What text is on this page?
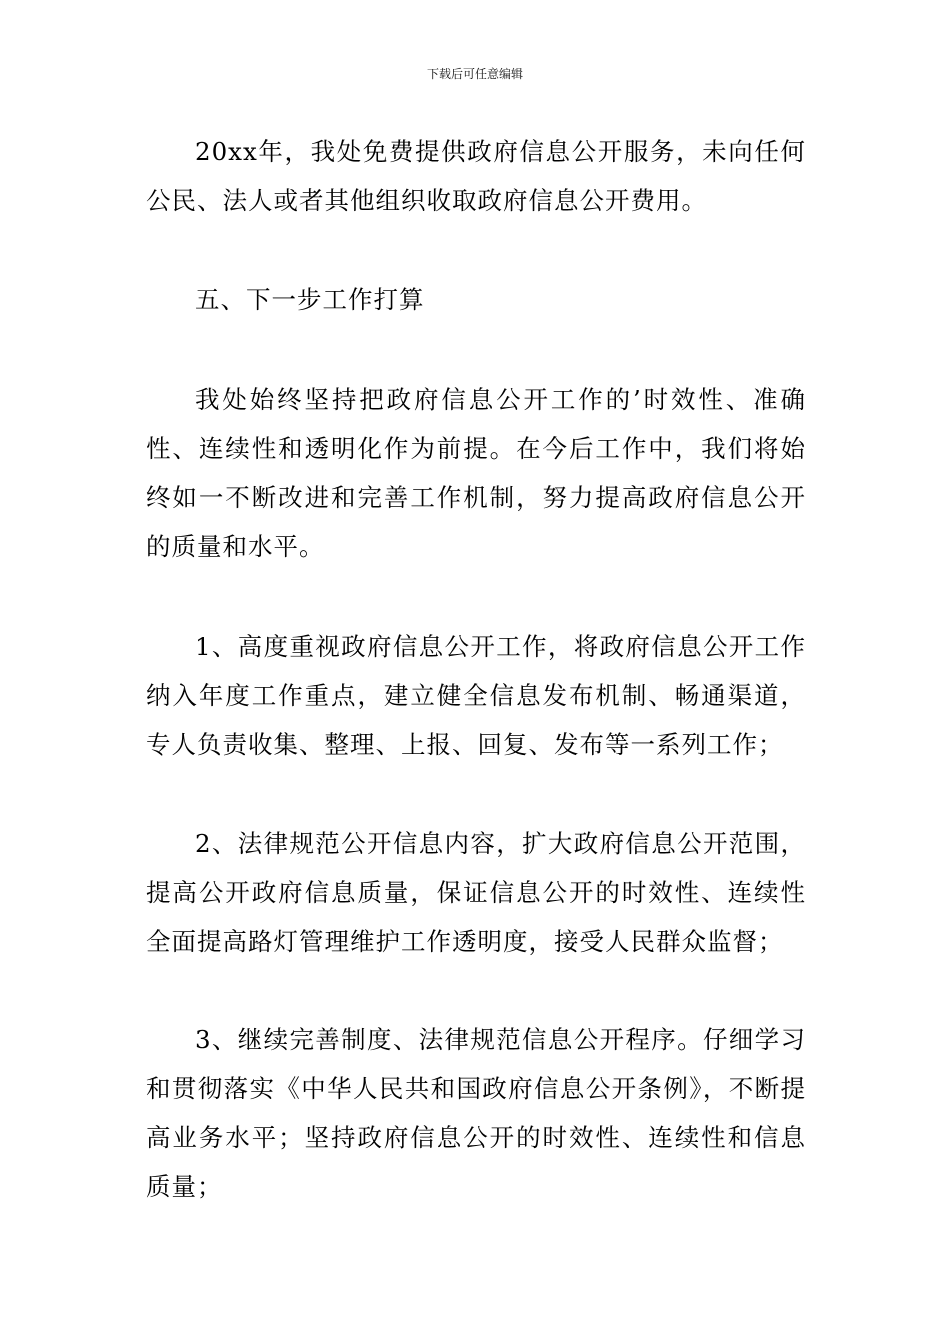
下载后可任意编辑

20xx年，我处免费提供政府信息公开服务，未向任何公民、法人或者其他组织收取政府信息公开费用。

五、下一步工作打算

我处始终坚持把政府信息公开工作的’时效性、准确性、连续性和透明化作为前提。在今后工作中，我们将始终如一不断改进和完善工作机制，努力提高政府信息公开的质量和水平。

1、高度重视政府信息公开工作，将政府信息公开工作纳入年度工作重点，建立健全信息发布机制、畅通渠道，专人负责收集、整理、上报、回复、发布等一系列工作；

2、法律规范公开信息内容，扩大政府信息公开范围，提高公开政府信息质量，保证信息公开的时效性、连续性全面提高路灯管理维护工作透明度，接受人民群众监督；

3、继续完善制度、法律规范信息公开程序。仔细学习和贯彻落实《中华人民共和国政府信息公开条例》，不断提高业务水平；坚持政府信息公开的时效性、连续性和信息质量；
